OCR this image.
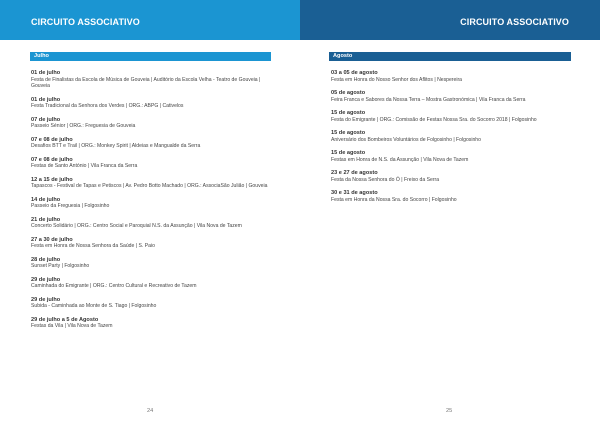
CIRCUITO ASSOCIATIVO
Julho
01 de julho
Festa de Finalistas da Escola de Música de Gouveia | Auditório da Escola Velha - Teatro de Gouveia | Gouveia
01 de julho
Festa Tradicional da Senhora dos Verdes | ORG.: ABPG | Cativelos
07 de julho
Passeio Sénior | ORG.: Freguesia de Gouveia
07 e 08 de julho
Desafios BTT e Trail | ORG.: Monkey Spirit | Aldeias e Mangualde da Serra
07 e 08 de julho
Festas de Santo António | Vila Franca da Serra
12 a 15 de julho
Tapascos - Festival de Tapas e Petiscos | Av. Pedro Botto Machado | ORG.: AssociaSão Julião | Gouveia
14 de julho
Passeio da Freguesia | Folgosinho
21 de julho
Concerto Solidário | ORG.: Centro Social e Paroquial N.S. da Assunção | Vila Nova de Tazem
27 a 30 de julho
Festa em Honra de Nossa Senhora da Saúde | S. Paio
28 de julho
Sunset Party | Folgosinho
29 de julho
Caminhada do Emigrante | ORG.: Centro Cultural e Recreativo de Tazem
29 de julho
Subida - Caminhada ao Monte de S. Tiago | Folgosinho
29 de julho a 5 de Agosto
Festas da Vila | Vila Nova de Tazem
24
CIRCUITO ASSOCIATIVO
Agosto
03 a 05 de agosto
Festa em Honra do Nosso Senhor dos Aflitos | Nespereira
05 de agosto
Feira Franca e Sabores da Nossa Terra – Mostra Gastronómica | Vila Franca da Serra
15 de agosto
Festa do Emigrante | ORG.: Comissão de Festas Nossa Sra. do Socorro 2018 | Folgosinho
15 de agosto
Aniversário dos Bombeiros Voluntários de Folgosinho | Folgosinho
15 de agosto
Festas em Honra de N.S. da Assunção | Vila Nova de Tazem
23 e 27 de agosto
Festa da Nossa Senhora do Ó | Freixo da Serra
30 e 31 de agosto
Festa em Honra da Nossa Sra. do Socorro | Folgosinho
25
